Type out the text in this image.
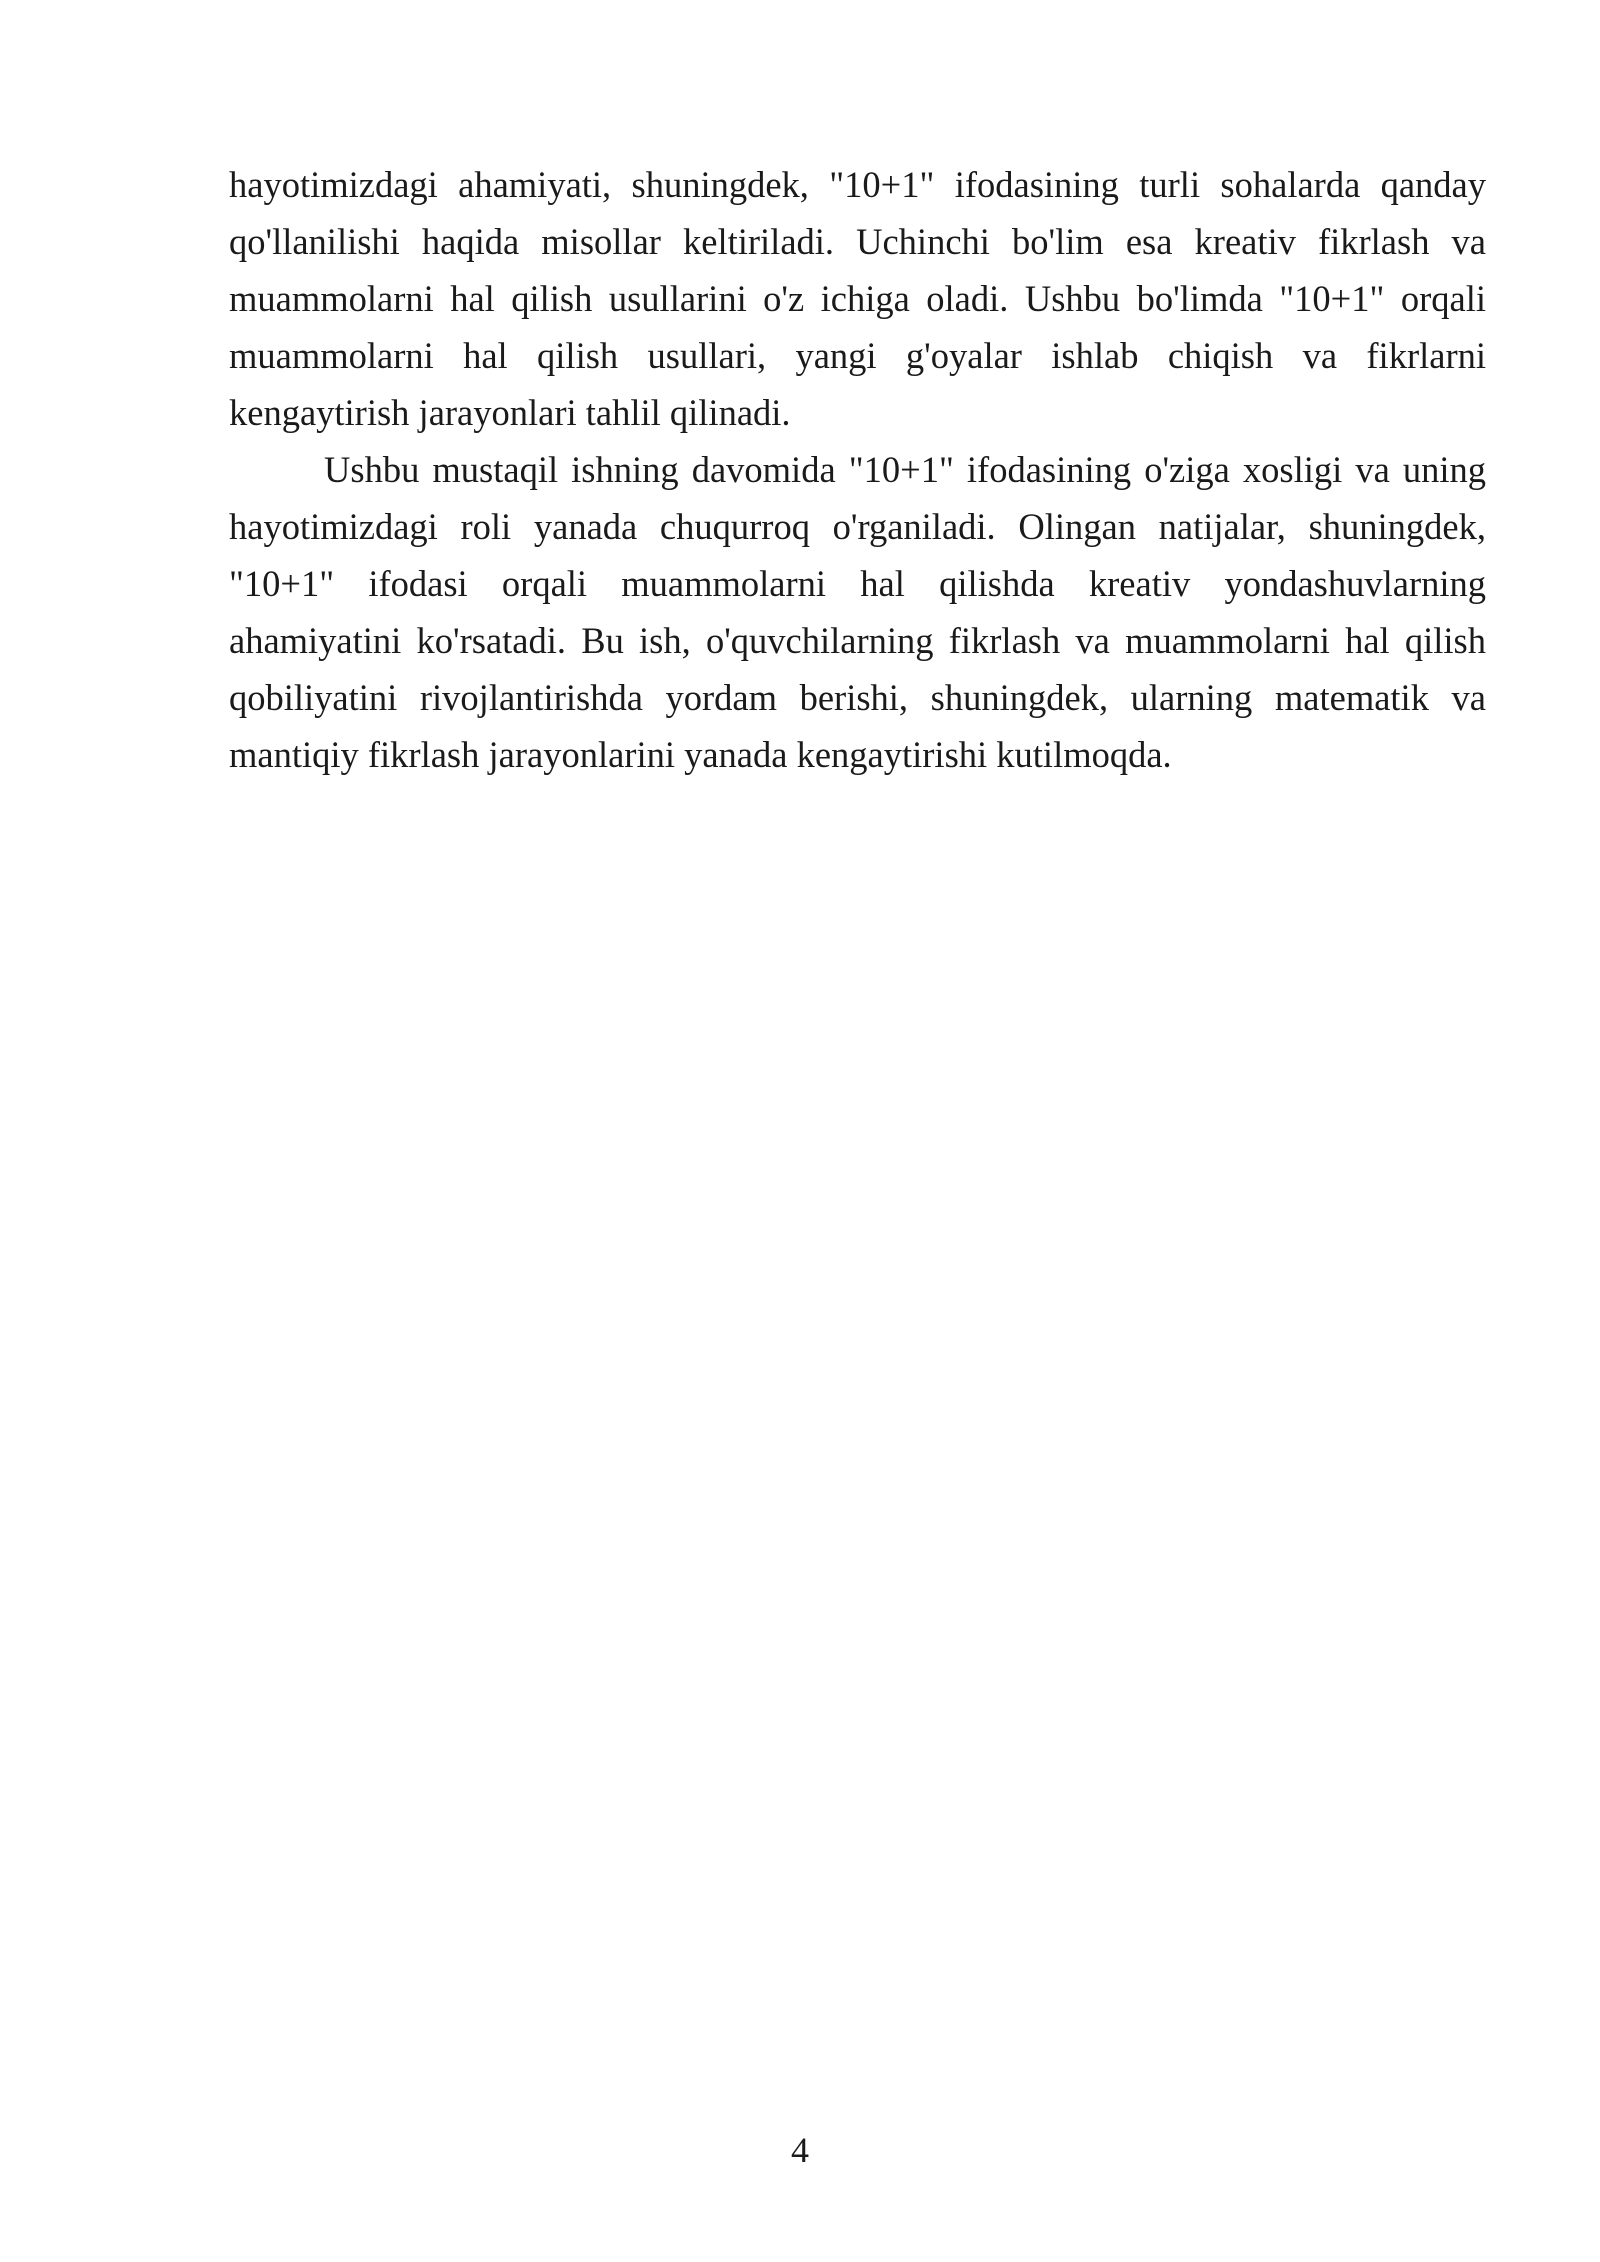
hayotimizdagi ahamiyati, shuningdek, "10+1" ifodasining turli sohalarda qanday qo'llanilishi haqida misollar keltiriladi. Uchinchi bo'lim esa kreativ fikrlash va muammolarni hal qilish usullarini o'z ichiga oladi. Ushbu bo'limda "10+1" orqali muammolarni hal qilish usullari, yangi g'oyalar ishlab chiqish va fikrlarni kengaytirish jarayonlari tahlil qilinadi.

Ushbu mustaqil ishning davomida "10+1" ifodasining o'ziga xosligi va uning hayotimizdagi roli yanada chuqurroq o'rganiladi. Olingan natijalar, shuningdek, "10+1" ifodasi orqali muammolarni hal qilishda kreativ yondashuvlarning ahamiyatini ko'rsatadi. Bu ish, o'quvchilarning fikrlash va muammolarni hal qilish qobiliyatini rivojlantirishda yordam berishi, shuningdek, ularning matematik va mantiqiy fikrlash jarayonlarini yanada kengaytirishi kutilmoqda.

4
